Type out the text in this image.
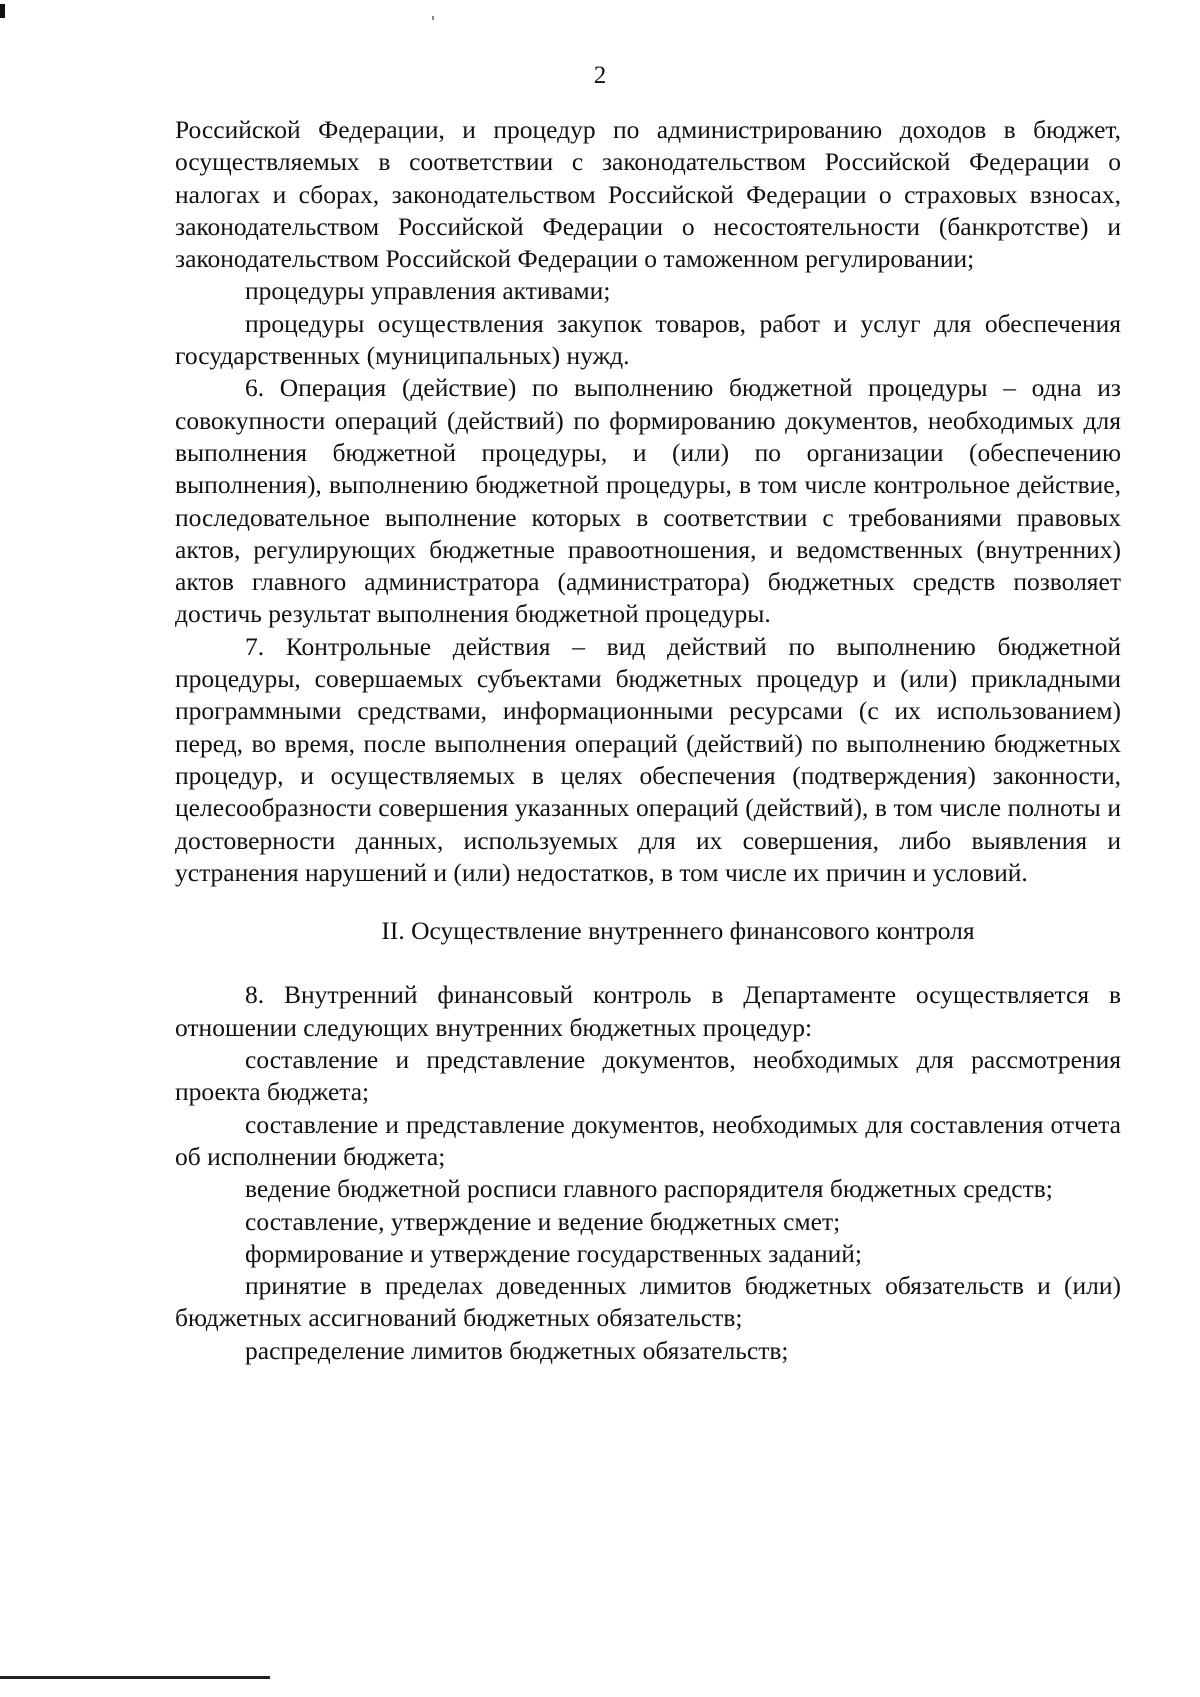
2

Российской Федерации, и процедур по администрированию доходов в бюджет, осуществляемых в соответствии с законодательством Российской Федерации о налогах и сборах, законодательством Российской Федерации о страховых взносах, законодательством Российской Федерации о несостоятельности (банкротстве) и законодательством Российской Федерации о таможенном регулировании;

процедуры управления активами;

процедуры осуществления закупок товаров, работ и услуг для обеспечения государственных (муниципальных) нужд.

6. Операция (действие) по выполнению бюджетной процедуры – одна из совокупности операций (действий) по формированию документов, необходимых для выполнения бюджетной процедуры, и (или) по организации (обеспечению выполнения), выполнению бюджетной процедуры, в том числе контрольное действие, последовательное выполнение которых в соответствии с требованиями правовых актов, регулирующих бюджетные правоотношения, и ведомственных (внутренних) актов главного администратора (администратора) бюджетных средств позволяет достичь результат выполнения бюджетной процедуры.

7. Контрольные действия – вид действий по выполнению бюджетной процедуры, совершаемых субъектами бюджетных процедур и (или) прикладными программными средствами, информационными ресурсами (с их использованием) перед, во время, после выполнения операций (действий) по выполнению бюджетных процедур, и осуществляемых в целях обеспечения (подтверждения) законности, целесообразности совершения указанных операций (действий), в том числе полноты и достоверности данных, используемых для их совершения, либо выявления и устранения нарушений и (или) недостатков, в том числе их причин и условий.

II. Осуществление внутреннего финансового контроля

8. Внутренний финансовый контроль в Департаменте осуществляется в отношении следующих внутренних бюджетных процедур:

составление и представление документов, необходимых для рассмотрения проекта бюджета;

составление и представление документов, необходимых для составления отчета об исполнении бюджета;

ведение бюджетной росписи главного распорядителя бюджетных средств;

составление, утверждение и ведение бюджетных смет;

формирование и утверждение государственных заданий;

принятие в пределах доведенных лимитов бюджетных обязательств и (или) бюджетных ассигнований бюджетных обязательств;

распределение лимитов бюджетных обязательств;
